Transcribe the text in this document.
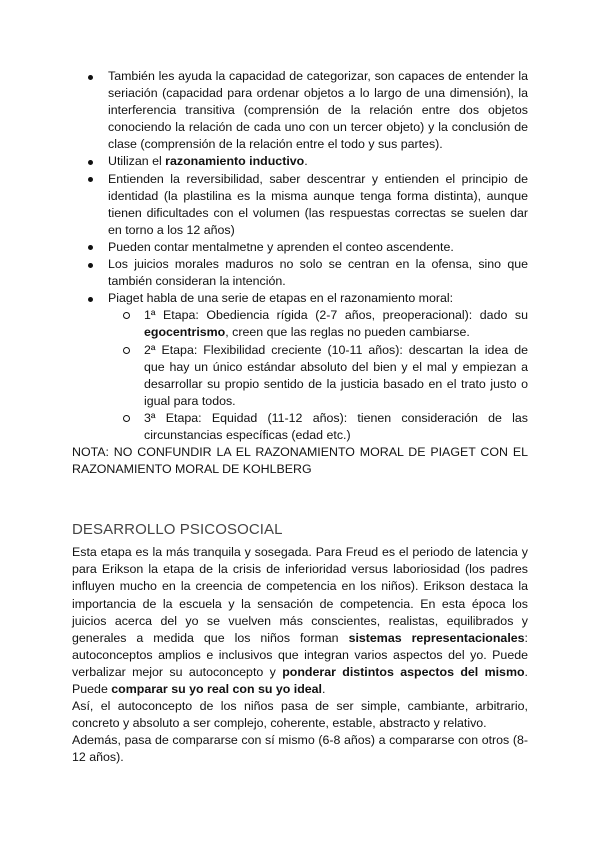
También les ayuda la capacidad de categorizar, son capaces de entender la seriación (capacidad para ordenar objetos a lo largo de una dimensión), la interferencia transitiva (comprensión de la relación entre dos objetos conociendo la relación de cada uno con un tercer objeto) y la conclusión de clase (comprensión de la relación entre el todo y sus partes).
Utilizan el razonamiento inductivo.
Entienden la reversibilidad, saber descentrar y entienden el principio de identidad (la plastilina es la misma aunque tenga forma distinta), aunque tienen dificultades con el volumen (las respuestas correctas se suelen dar en torno a los 12 años)
Pueden contar mentalmetne y aprenden el conteo ascendente.
Los juicios morales maduros no solo se centran en la ofensa, sino que también consideran la intención.
Piaget habla de una serie de etapas en el razonamiento moral:
1ª Etapa: Obediencia rígida (2-7 años, preoperacional): dado su egocentrismo, creen que las reglas no pueden cambiarse.
2ª Etapa: Flexibilidad creciente (10-11 años): descartan la idea de que hay un único estándar absoluto del bien y el mal y empiezan a desarrollar su propio sentido de la justicia basado en el trato justo o igual para todos.
3ª Etapa: Equidad (11-12 años): tienen consideración de las circunstancias específicas (edad etc.)

NOTA: NO CONFUNDIR LA EL RAZONAMIENTO MORAL DE PIAGET CON EL RAZONAMIENTO MORAL DE KOHLBERG

DESARROLLO PSICOSOCIAL

Esta etapa es la más tranquila y sosegada. Para Freud es el periodo de latencia y para Erikson la etapa de la crisis de inferioridad versus laboriosidad (los padres influyen mucho en la creencia de competencia en los niños). Erikson destaca la importancia de la escuela y la sensación de competencia. En esta época los juicios acerca del yo se vuelven más conscientes, realistas, equilibrados y generales a medida que los niños forman sistemas representacionales: autoconceptos amplios e inclusivos que integran varios aspectos del yo. Puede verbalizar mejor su autoconcepto y ponderar distintos aspectos del mismo. Puede comparar su yo real con su yo ideal.

Así, el autoconcepto de los niños pasa de ser simple, cambiante, arbitrario, concreto y absoluto a ser complejo, coherente, estable, abstracto y relativo.

Además, pasa de compararse con sí mismo (6-8 años) a compararse con otros (8-12 años).
